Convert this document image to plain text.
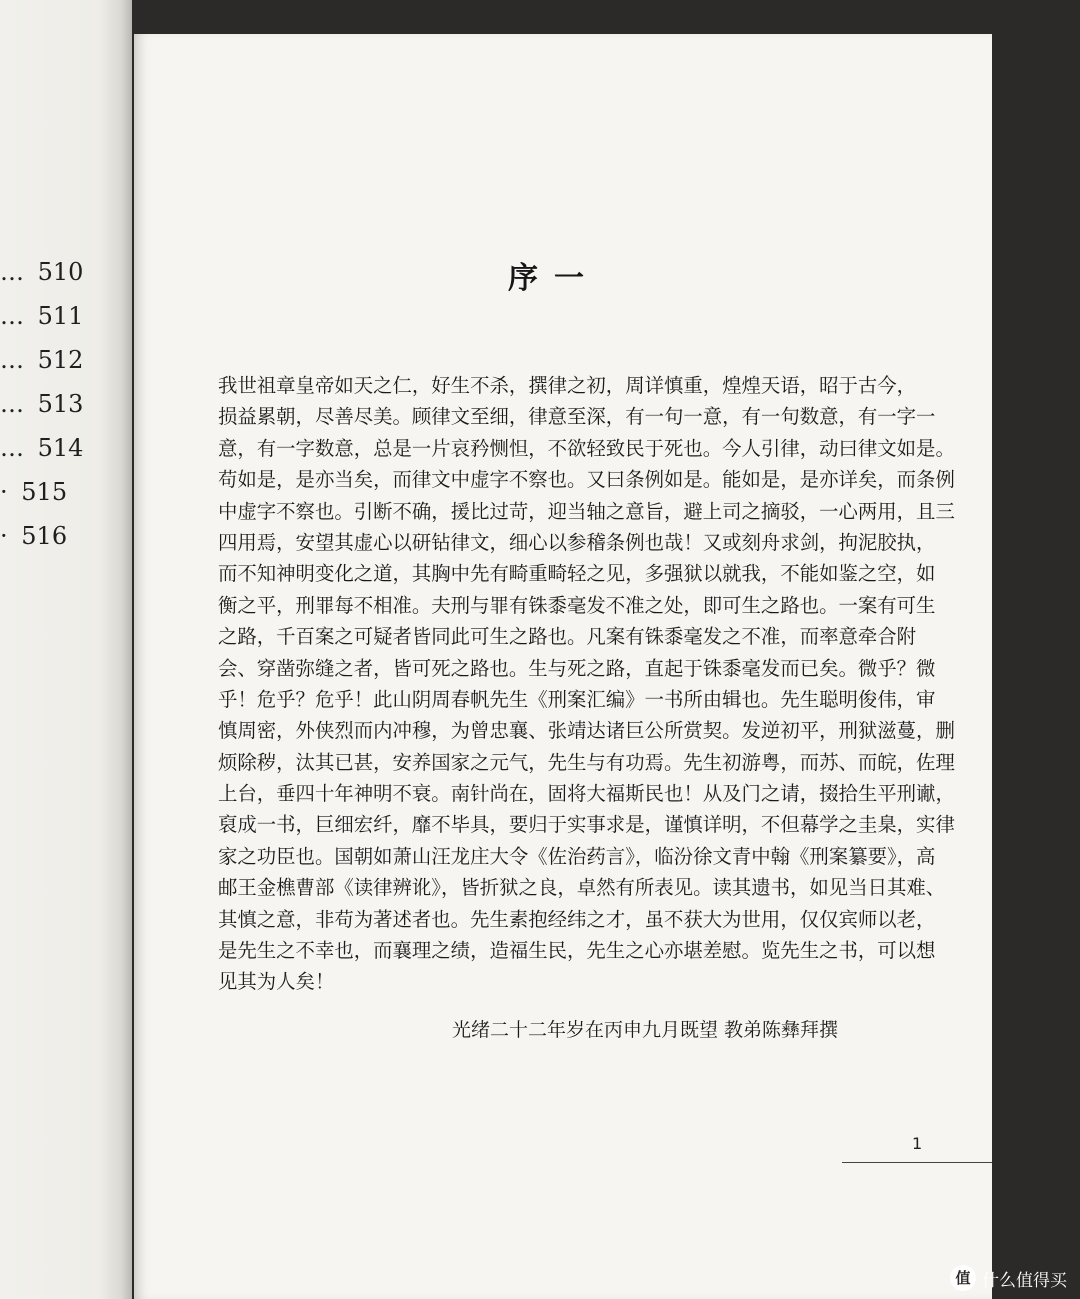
… 510
… 511
… 512
… 513
… 514
· 515
· 516
序一
我世祖章皇帝如天之仁，好生不杀，撰律之初，周详慎重，煌煌天语，昭于古今，
损益累朝，尽善尽美。顾律文至细，律意至深，有一句一意，有一句数意，有一字一
意，有一字数意，总是一片哀矜恻怛，不欲轻致民于死也。今人引律，动曰律文如是。
苟如是，是亦当矣，而律文中虚字不察也。又曰条例如是。能如是，是亦详矣，而条例
中虚字不察也。引断不确，援比过苛，迎当轴之意旨，避上司之摘驳，一心两用，且三
四用焉，安望其虚心以研钻律文，细心以参稽条例也哉！又或刻舟求剑，拘泥胶执，
而不知神明变化之道，其胸中先有畸重畸轻之见，多强狱以就我，不能如鉴之空，如
衡之平，刑罪每不相准。夫刑与罪有铢黍毫发不准之处，即可生之路也。一案有可生
之路，千百案之可疑者皆同此可生之路也。凡案有铢黍毫发之不准，而率意牵合附
会、穿凿弥缝之者，皆可死之路也。生与死之路，直起于铢黍毫发而已矣。微乎？微
乎！危乎？危乎！此山阴周春帆先生《刑案汇编》一书所由辑也。先生聪明俊伟，审
慎周密，外侠烈而内冲穆，为曾忠襄、张靖达诸巨公所赏契。发逆初平，刑狱滋蔓，删
烦除秽，汰其已甚，安养国家之元气，先生与有功焉。先生初游粤，而苏、而皖，佐理
上台，垂四十年神明不衰。南针尚在，固将大福斯民也！从及门之请，掇拾生平刑谳，
裒成一书，巨细宏纤，靡不毕具，要归于实事求是，谨慎详明，不但幕学之圭臬，实律
家之功臣也。国朝如萧山汪龙庄大令《佐治药言》，临汾徐文青中翰《刑案纂要》，高
邮王金樵曹部《读律辨讹》，皆折狱之良，卓然有所表见。读其遗书，如见当日其难、
其慎之意，非苟为著述者也。先生素抱经纬之才，虽不获大为世用，仅仅宾师以老，
是先生之不幸也，而襄理之绩，造福生民，先生之心亦堪差慰。览先生之书，可以想
见其为人矣！
光绪二十二年岁在丙申九月既望 教弟陈彝拜撰
1
值 什么值得买
